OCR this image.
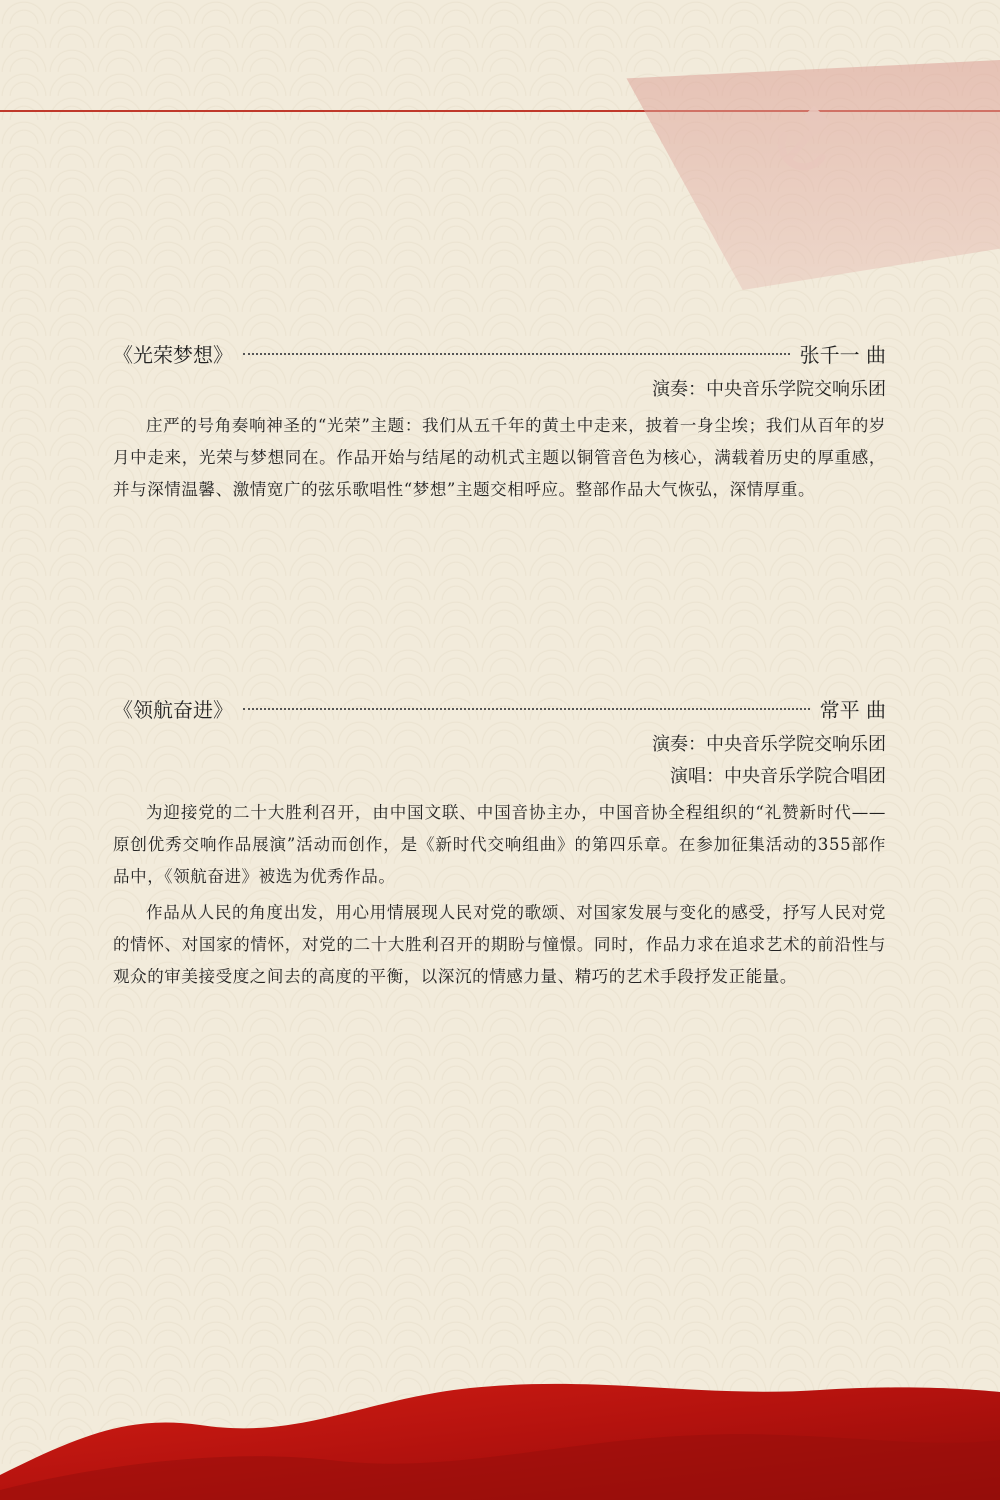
《光荣梦想》	张千一 曲
演奏：中央音乐学院交响乐团

庄严的号角奏响神圣的“光荣”主题：我们从五千年的黄土中走来，披着一身尘埃；我们从百年的岁月中走来，光荣与梦想同在。作品开始与结尾的动机式主题以铜管音色为核心，满载着历史的厚重感，并与深情温馨、激情宽广的弦乐歌唱性“梦想”主题交相呼应。整部作品大气恢弘，深情厚重。

《领航奋进》	常平 曲
演奏：中央音乐学院交响乐团
演唱：中央音乐学院合唱团

为迎接党的二十大胜利召开，由中国文联、中国音协主办，中国音协全程组织的“礼赞新时代——原创优秀交响作品展演”活动而创作，是《新时代交响组曲》的第四乐章。在参加征集活动的355部作品中，《领航奋进》被选为优秀作品。

作品从人民的角度出发，用心用情展现人民对党的歌颂、对国家发展与变化的感受，抒写人民对党的情怀、对国家的情怀，对党的二十大胜利召开的期盼与憧憬。同时，作品力求在追求艺术的前沿性与观众的审美接受度之间去的高度的平衡，以深沉的情感力量、精巧的艺术手段抒发正能量。
